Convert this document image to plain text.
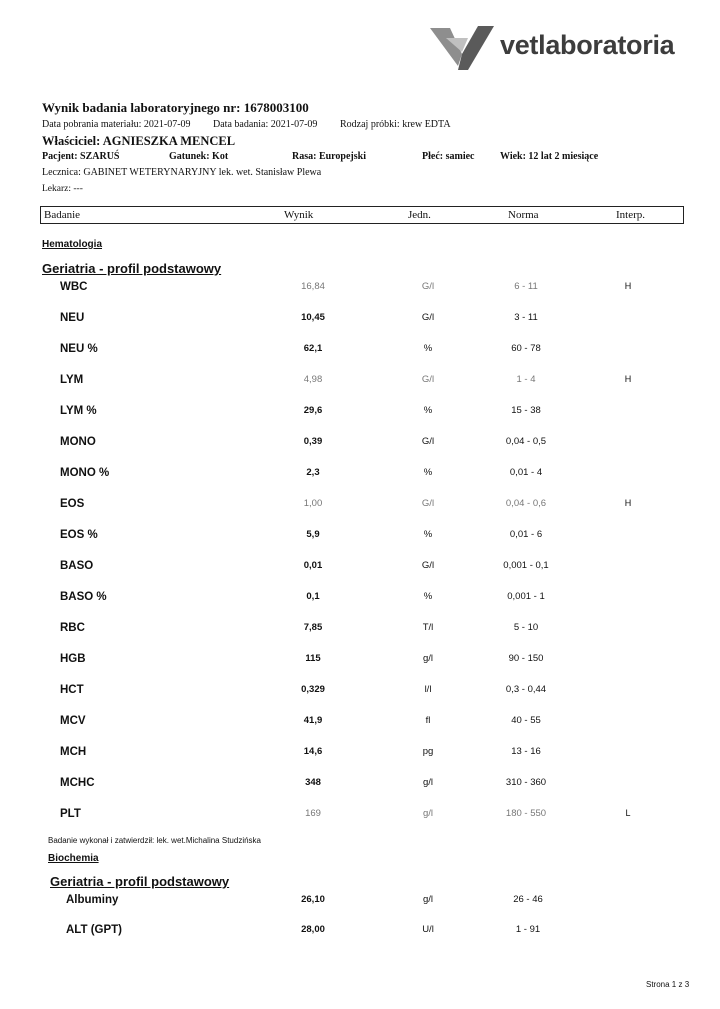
vetlaboratoria
Wynik badania laboratoryjnego nr: 1678003100
Data pobrania materiału: 2021-07-09 Data badania: 2021-07-09 Rodzaj próbki: krew EDTA
Właściciel: AGNIESZKA MENCEL
Pacjent: SZARUŚ	Gatunek: Kot	Rasa: Europejski	Płeć: samiec	Wiek: 12 lat 2 miesiące
Lecznica: GABINET WETERYNARYJNY lek. wet. Stanisław Plewa
Lekarz: ---
Badanie	Wynik	Jedn.	Norma	Interp.
Hematologia
Geriatria - profil podstawowy
WBC	16,84	G/l	6 - 11	H
NEU	10,45	G/l	3 - 11
NEU %	62,1	%	60 - 78
LYM	4,98	G/l	1 - 4	H
LYM %	29,6	%	15 - 38
MONO	0,39	G/l	0,04 - 0,5
MONO %	2,3	%	0,01 - 4
EOS	1,00	G/l	0,04 - 0,6	H
EOS %	5,9	%	0,01 - 6
BASO	0,01	G/l	0,001 - 0,1
BASO %	0,1	%	0,001 - 1
RBC	7,85	T/l	5 - 10
HGB	115	g/l	90 - 150
HCT	0,329	l/l	0,3 - 0,44
MCV	41,9	fl	40 - 55
MCH	14,6	pg	13 - 16
MCHC	348	g/l	310 - 360
PLT	169	g/l	180 - 550	L
Badanie wykonał i zatwierdził: lek. wet.Michalina Studzińska
Biochemia
Geriatria - profil podstawowy
Albuminy	26,10	g/l	26 - 46
ALT (GPT)	28,00	U/l	1 - 91
Strona 1 z 3
